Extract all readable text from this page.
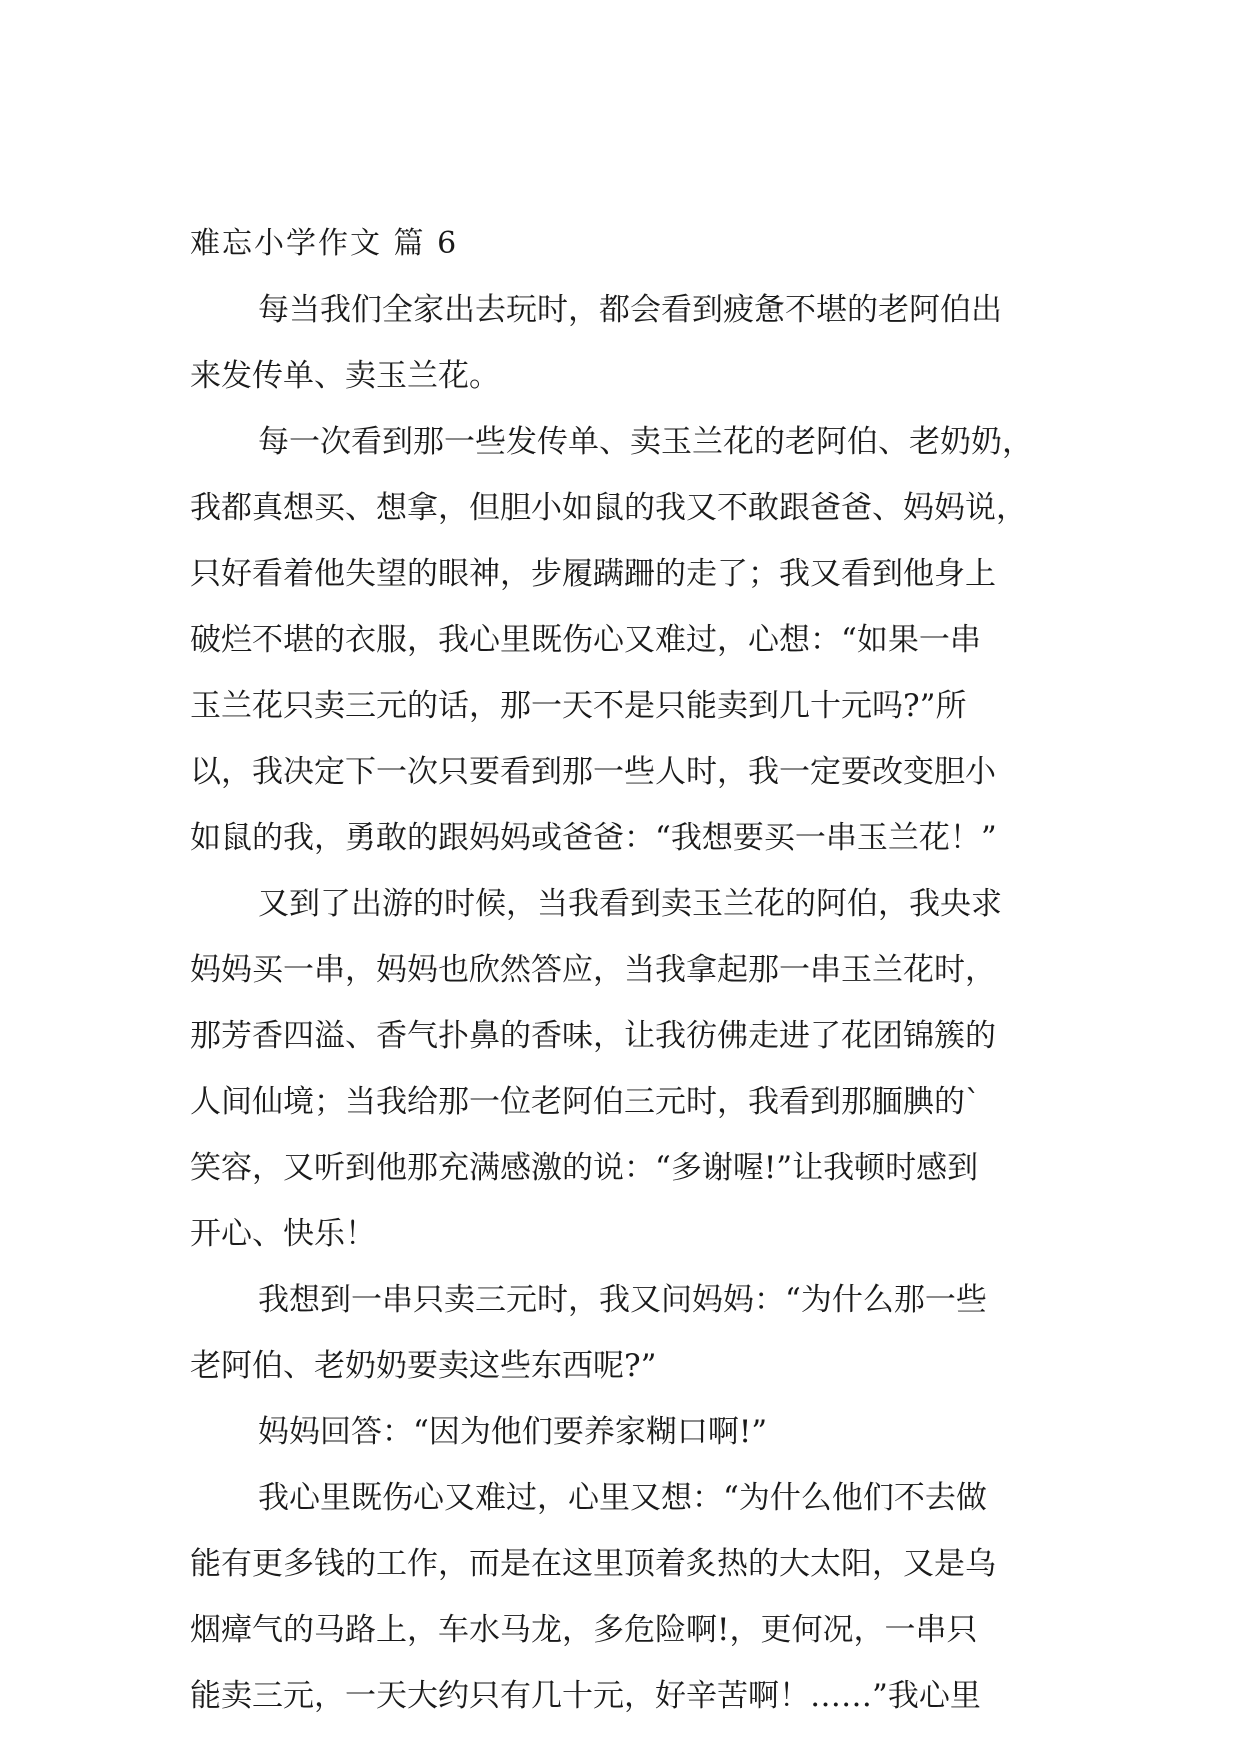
难忘小学作文 篇 6
每当我们全家出去玩时，都会看到疲惫不堪的老阿伯出
来发传单、卖玉兰花。
每一次看到那一些发传单、卖玉兰花的老阿伯、老奶奶，
我都真想买、想拿，但胆小如鼠的我又不敢跟爸爸、妈妈说，
只好看着他失望的眼神，步履蹒跚的走了；我又看到他身上
破烂不堪的衣服，我心里既伤心又难过，心想：“如果一串
玉兰花只卖三元的话，那一天不是只能卖到几十元吗?”所
以，我决定下一次只要看到那一些人时，我一定要改变胆小
如鼠的我，勇敢的跟妈妈或爸爸：“我想要买一串玉兰花！”
又到了出游的时候，当我看到卖玉兰花的阿伯，我央求
妈妈买一串，妈妈也欣然答应，当我拿起那一串玉兰花时，
那芳香四溢、香气扑鼻的香味，让我彷佛走进了花团锦簇的
人间仙境；当我给那一位老阿伯三元时，我看到那腼腆的`
笑容，又听到他那充满感激的说：“多谢喔!”让我顿时感到
开心、快乐！
我想到一串只卖三元时，我又问妈妈：“为什么那一些
老阿伯、老奶奶要卖这些东西呢?”
妈妈回答：“因为他们要养家糊口啊!”
我心里既伤心又难过，心里又想：“为什么他们不去做
能有更多钱的工作，而是在这里顶着炙热的大太阳，又是乌
烟瘴气的马路上，车水马龙，多危险啊!，更何况，一串只
能卖三元，一天大约只有几十元，好辛苦啊！……”我心里
